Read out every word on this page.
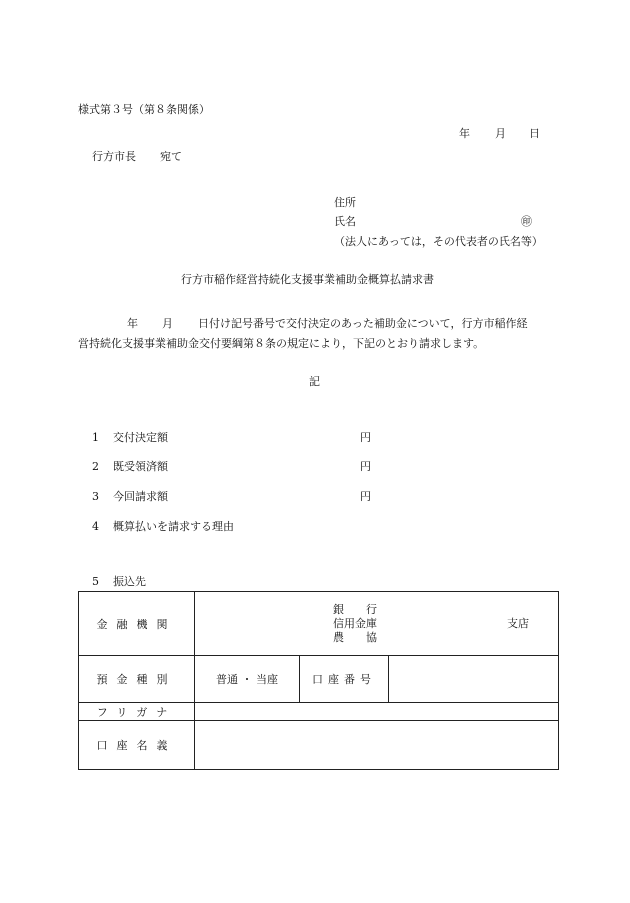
様式第３号（第８条関係）
年 月 日
行方市長 宛て
住所
氏名	㊞
（法人にあっては，その代表者の氏名等）
行方市稲作経営持続化支援事業補助金概算払請求書
年 月 日付け記号番号で交付決定のあった補助金について，行方市稲作経
営持続化支援事業補助金交付要綱第８条の規定により，下記のとおり請求します。
記
1 交付決定額	円
2 既受領済額	円
3 今回請求額	円
4 概算払いを請求する理由
5 振込先
金融機関	銀　　行
信用金庫
農　　協
支店		

預金種別	普通 ・ 当座	口座番号	
フリガナ			
口座名義			
